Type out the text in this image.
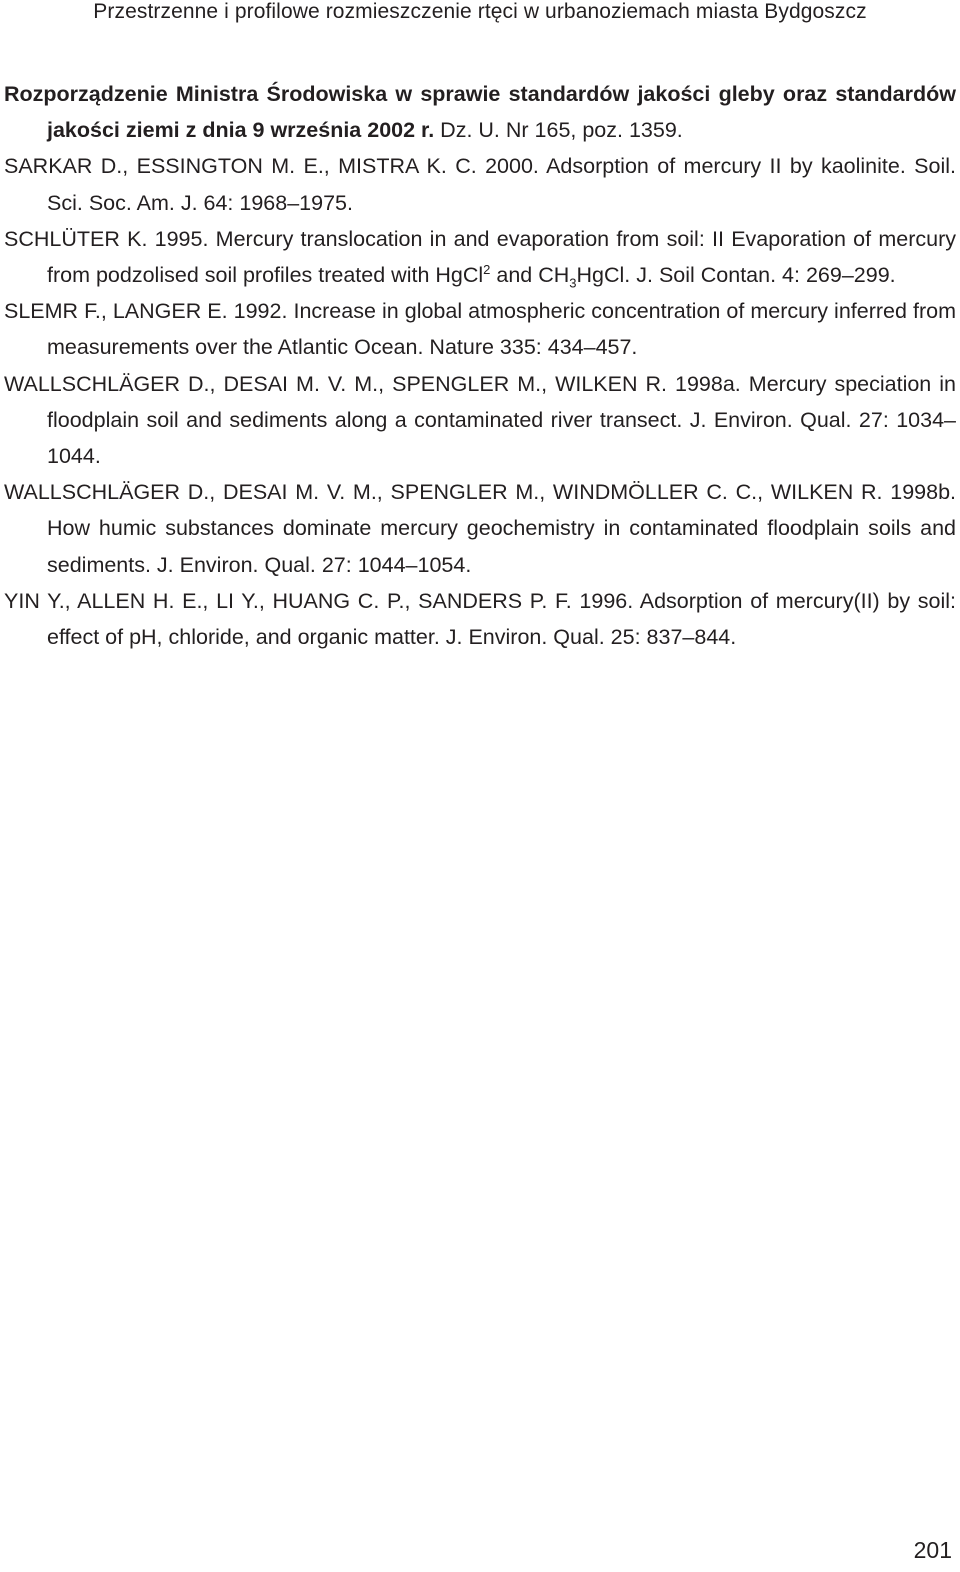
Przestrzenne i profilowe rozmieszczenie rtęci w urbanoziemach miasta Bydgoszcz
Rozporządzenie Ministra Środowiska w sprawie standardów jakości gleby oraz standardów jakości ziemi z dnia 9 września 2002 r. Dz. U. Nr 165, poz. 1359.
SARKAR D., ESSINGTON M. E., MISTRA K. C. 2000. Adsorption of mercury II by kaolinite. Soil. Sci. Soc. Am. J. 64: 1968–1975.
SCHLÜTER K. 1995. Mercury translocation in and evaporation from soil: II Evaporation of mercury from podzolised soil profiles treated with HgCl$^2$ and $CH_3HgCl$. J. Soil Contan. 4: 269–299.
SLEMR F., LANGER E. 1992. Increase in global atmospheric concentration of mercury inferred from measurements over the Atlantic Ocean. Nature 335: 434–457.
WALLSCHLÄGER D., DESAI M. V. M., SPENGLER M., WILKEN R. 1998a. Mercury speciation in floodplain soil and sediments along a contaminated river transect. J. Environ. Qual. 27: 1034–1044.
WALLSCHLÄGER D., DESAI M. V. M., SPENGLER M., WINDMÖLLER C. C., WILKEN R. 1998b. How humic substances dominate mercury geochemistry in contaminated floodplain soils and sediments. J. Environ. Qual. 27: 1044–1054.
YIN Y., ALLEN H. E., LI Y., HUANG C. P., SANDERS P. F. 1996. Adsorption of mercury(II) by soil: effect of pH, chloride, and organic matter. J. Environ. Qual. 25: 837–844.
201
